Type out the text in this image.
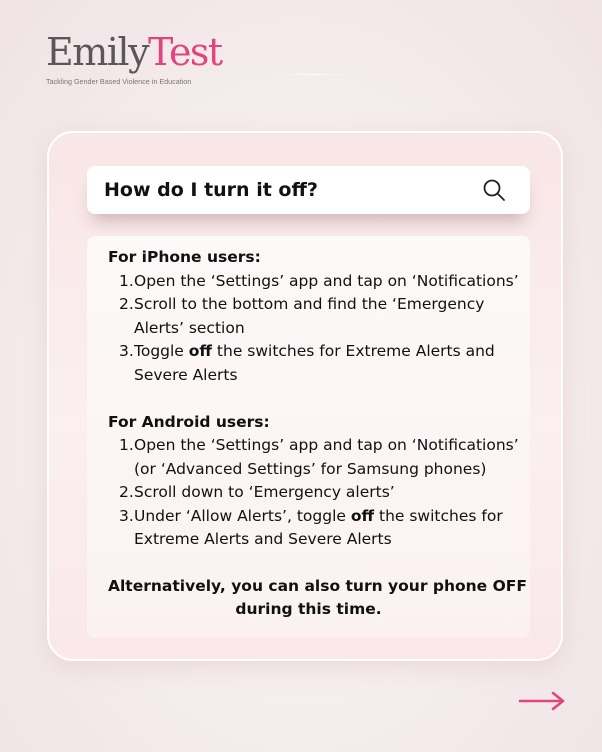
EmilyTest
Tackling Gender Based Violence in Education
How do I turn it off?
For iPhone users:
1. Open the ‘Settings’ app and tap on ‘Notifications’
2. Scroll to the bottom and find the ‘Emergency
Alerts’ section
3. Toggle off the switches for Extreme Alerts and
Severe Alerts
For Android users:
1. Open the ‘Settings’ app and tap on ‘Notifications’
(or ‘Advanced Settings’ for Samsung phones)
2. Scroll down to ‘Emergency alerts’
3. Under ‘Allow Alerts’, toggle off the switches for
Extreme Alerts and Severe Alerts
Alternatively, you can also turn your phone OFF
during this time.
